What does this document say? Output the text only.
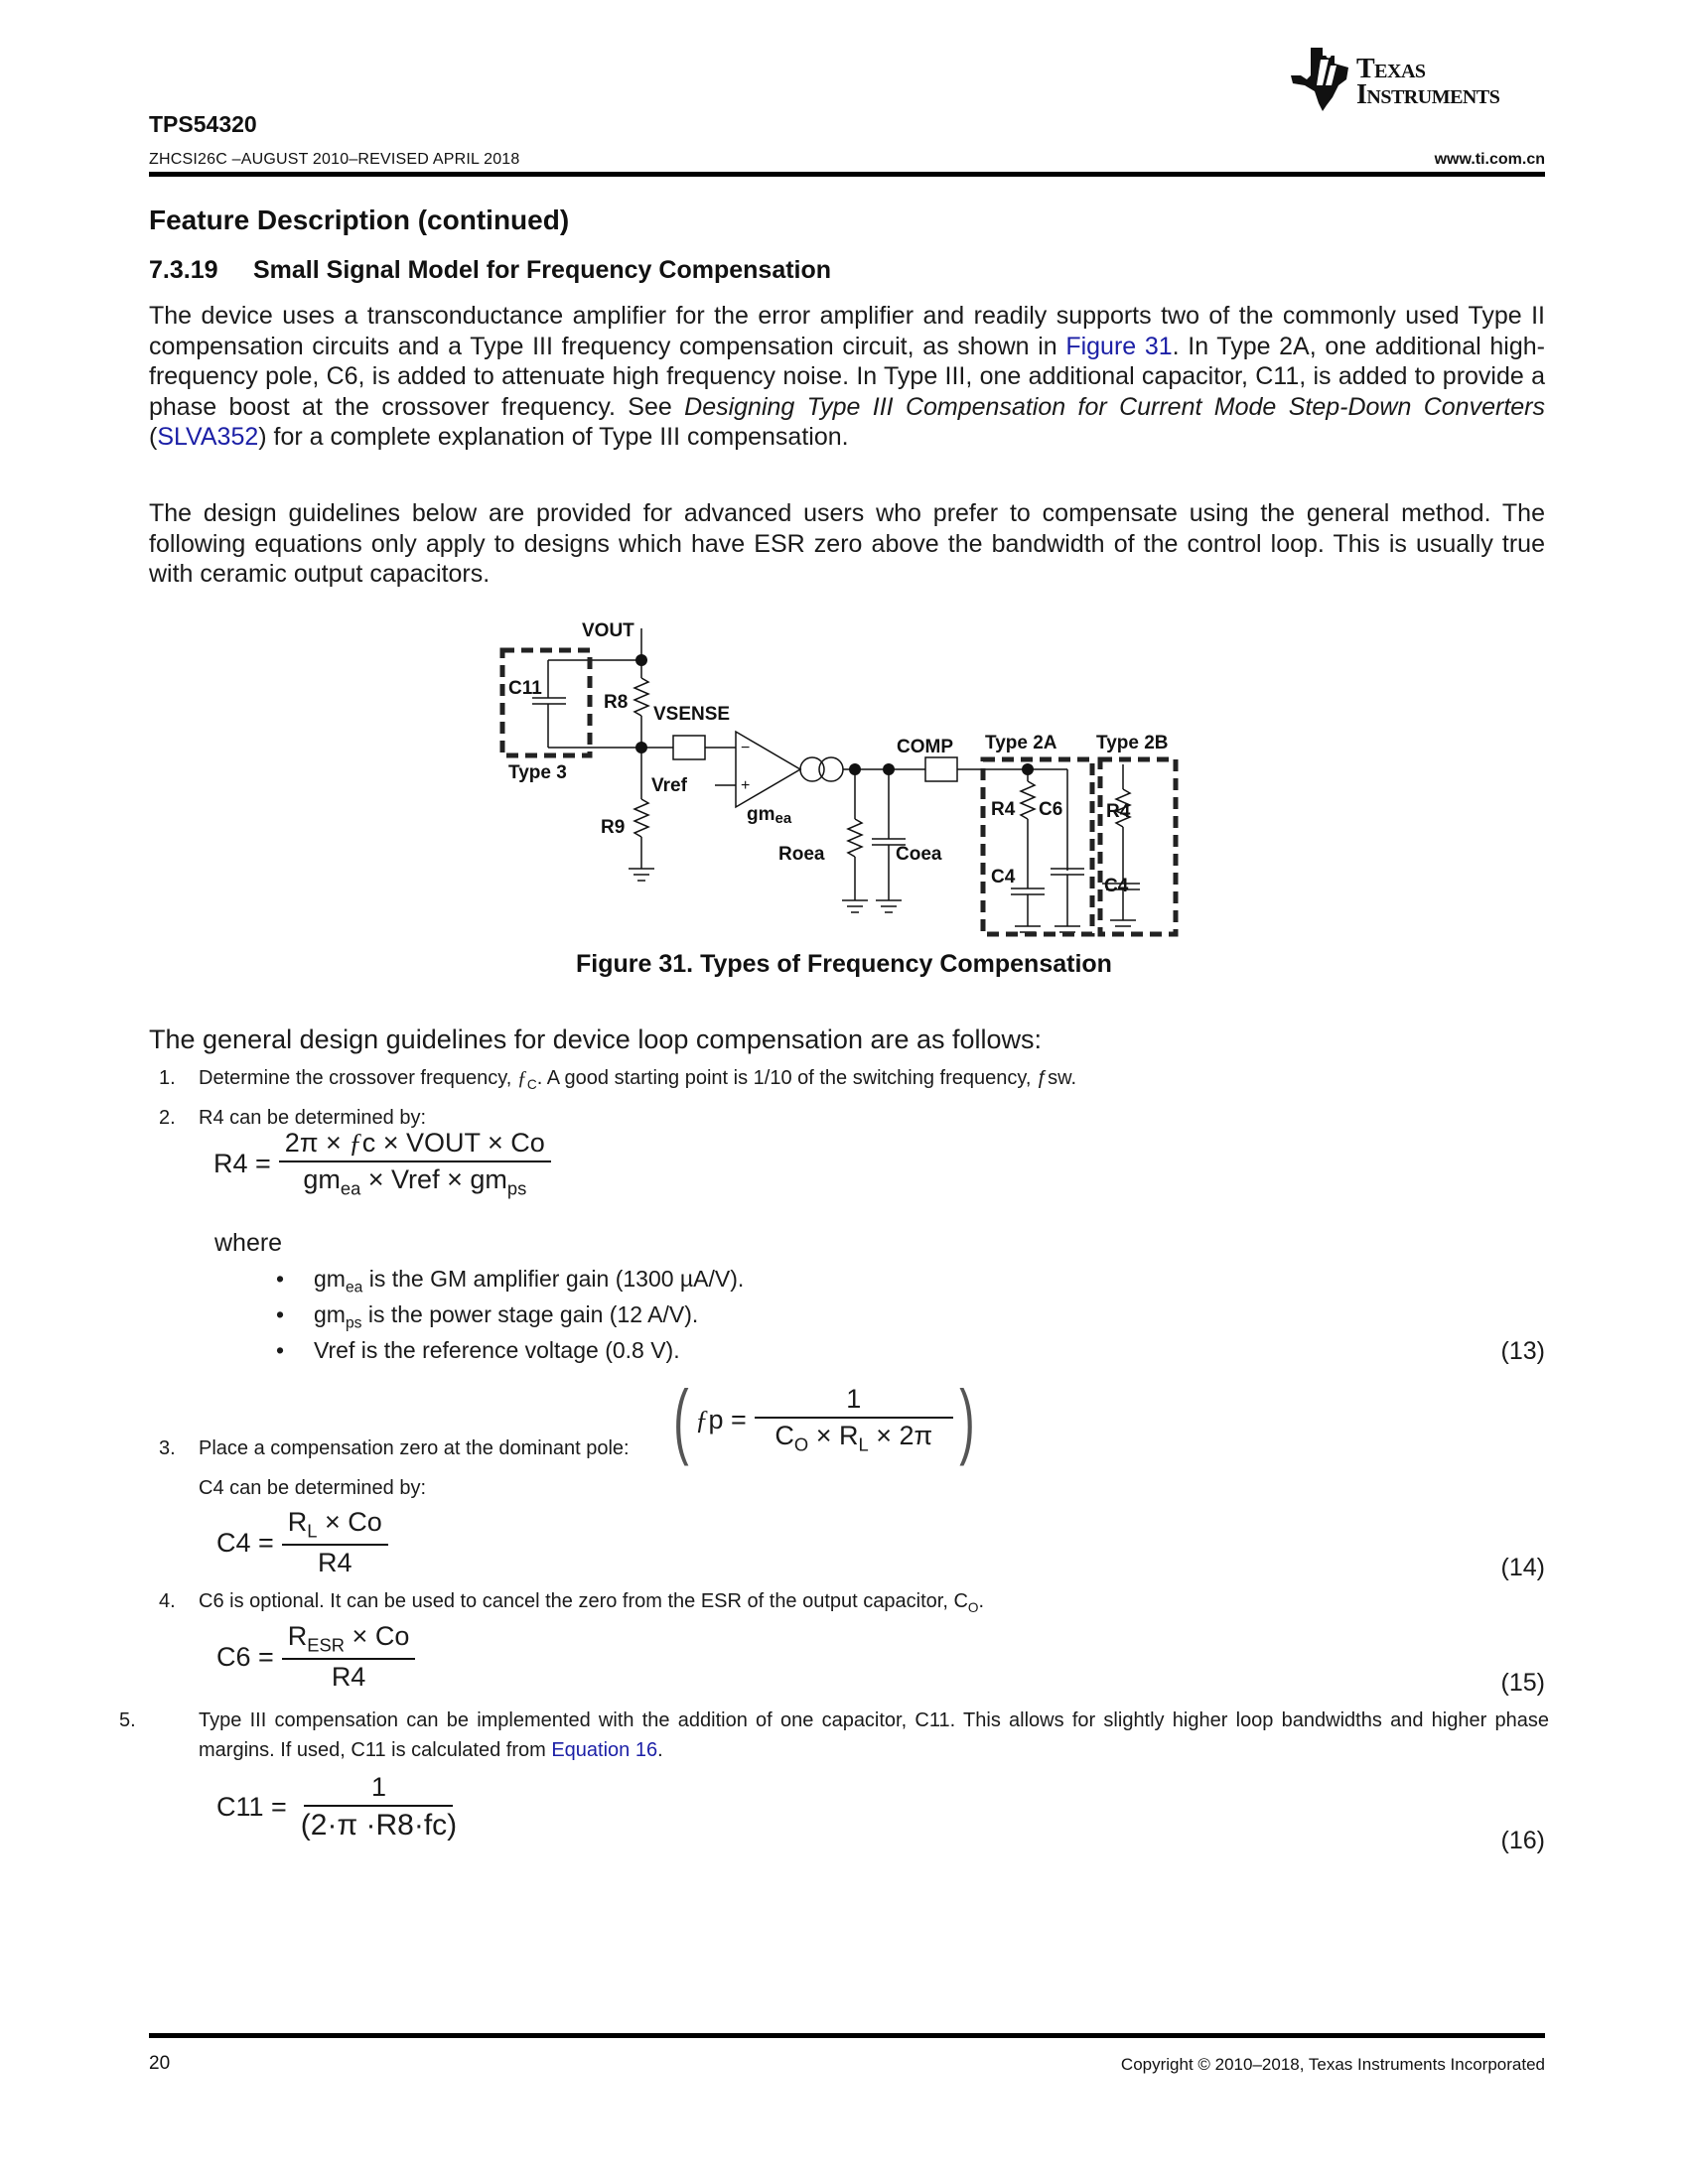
Texas
Instruments
TPS54320
ZHCSI26C –AUGUST 2010–REVISED APRIL 2018	www.ti.com.cn
Feature Description (continued)
7.3.19 Small Signal Model for Frequency Compensation
The device uses a transconductance amplifier for the error amplifier and readily supports two of the commonly used Type II compensation circuits and a Type III frequency compensation circuit, as shown in Figure 31. In Type 2A, one additional high-frequency pole, C6, is added to attenuate high frequency noise. In Type III, one additional capacitor, C11, is added to provide a phase boost at the crossover frequency. See Designing Type III Compensation for Current Mode Step-Down Converters (SLVA352) for a complete explanation of Type III compensation.
The design guidelines below are provided for advanced users who prefer to compensate using the general method. The following equations only apply to designs which have ESR zero above the bandwidth of the control loop. This is usually true with ceramic output capacitors.
VOUT
C11
R8
VSENSE
Type 3
Vref
R9
gmea
Roea	Coea
COMP Type 2A Type 2B
R4 C6
C4
R4
C4
−
+
Figure 31. Types of Frequency Compensation
The general design guidelines for device loop compensation are as follows:
1. Determine the crossover frequency, $ƒ_C$. A good starting point is 1/10 of the switching frequency, ƒsw.
2. R4 can be determined by:
$R4 = \frac{\text{2π × ƒc × VOUT × Co}}{gm_{ea} \times Vref \times gm_{ps}}$
where
• $gm_{ea}$ is the GM amplifier gain (1300 µA/V).
• $gm_{ps}$ is the power stage gain (12 A/V).
• Vref is the reference voltage (0.8 V).	(13)
3. Place a compensation zero at the dominant pole: ( ƒp = $\frac{1}{C_O \times R_L \times 2\pi}$ )
C4 can be determined by:
$C4 = \frac{R_L \times Co}{R4}$	(14)
4. C6 is optional. It can be used to cancel the zero from the ESR of the output capacitor, $C_O$.
$C6 = \frac{R_{ESR} \times Co}{R4}$	(15)
5.	Type III compensation can be implemented with the addition of one capacitor, C11. This allows for slightly higher loop bandwidths and higher phase margins. If used, C11 is calculated from Equation 16.
$C11 = \frac{1}{(2\cdot\pi \cdot R8\cdot fc)}$	(16)
20	Copyright © 2010–2018, Texas Instruments Incorporated
